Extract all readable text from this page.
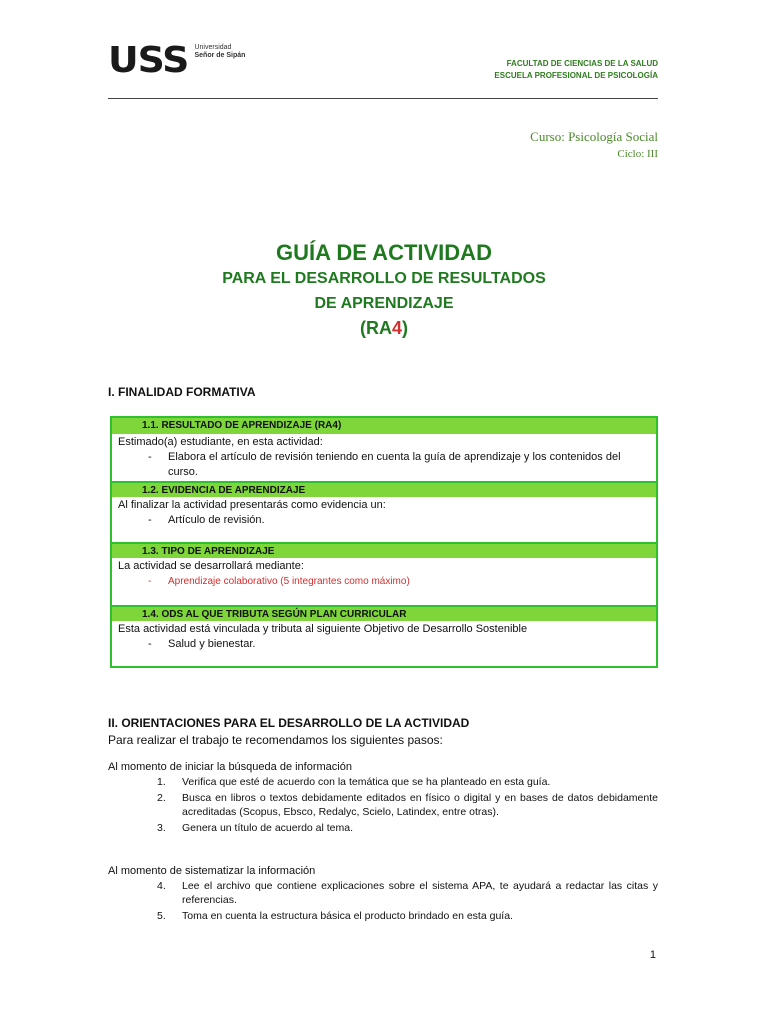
USS Universidad
Señor de Sipán
FACULTAD DE CIENCIAS DE LA SALUD
ESCUELA PROFESIONAL DE PSICOLOGÍA
Curso: Psicología Social
Ciclo: III
GUÍA DE ACTIVIDAD
PARA EL DESARROLLO DE RESULTADOS
DE APRENDIZAJE
(RA4)
I. FINALIDAD FORMATIVA
1.1. RESULTADO DE APRENDIZAJE (RA4)
Estimado(a) estudiante, en esta actividad:
- Elabora el artículo de revisión teniendo en cuenta la guía de aprendizaje y los contenidos del curso.
1.2. EVIDENCIA DE APRENDIZAJE
Al finalizar la actividad presentarás como evidencia un:
- Artículo de revisión.
1.3. TIPO DE APRENDIZAJE
La actividad se desarrollará mediante:
- Aprendizaje colaborativo (5 integrantes como máximo)
1.4. ODS AL QUE TRIBUTA SEGÚN PLAN CURRICULAR
Esta actividad está vinculada y tributa al siguiente Objetivo de Desarrollo Sostenible
- Salud y bienestar.
II. ORIENTACIONES PARA EL DESARROLLO DE LA ACTIVIDAD
Para realizar el trabajo te recomendamos los siguientes pasos:
Al momento de iniciar la búsqueda de información
1. Verifica que esté de acuerdo con la temática que se ha planteado en esta guía.
2. Busca en libros o textos debidamente editados en físico o digital y en bases de datos debidamente acreditadas (Scopus, Ebsco, Redalyc, Scielo, Latindex, entre otras).
3. Genera un título de acuerdo al tema.
Al momento de sistematizar la información
4. Lee el archivo que contiene explicaciones sobre el sistema APA, te ayudará a redactar las citas y referencias.
5. Toma en cuenta la estructura básica el producto brindado en esta guía.
1
